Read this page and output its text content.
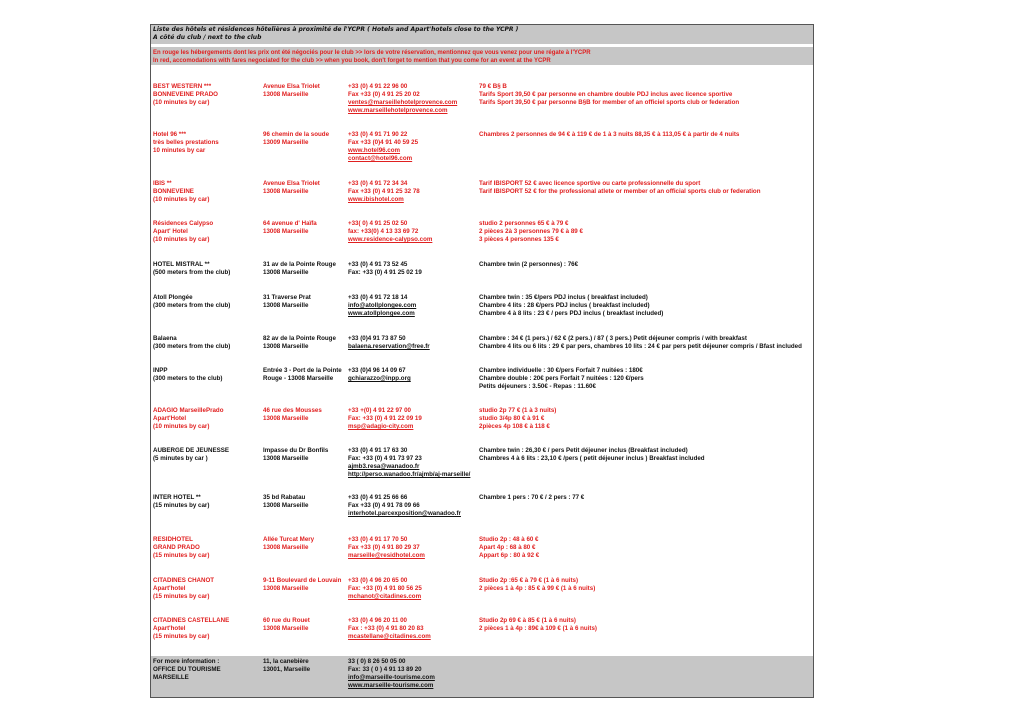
Liste des hôtels et résidences hôtelières à proximité de l'YCPR ( Hotels and Apart'hotels close to the YCPR )
A côté du club / next to the club
En rouge les hébergements dont les prix ont été négociés pour le club >> lors de votre réservation, mentionnez que vous venez pour une régate à l'YCPR
In red, accomodations with fares negociated for the club >> when you book, don't forget to mention that you come for an event at the YCPR
BEST WESTERN ***
BONNEVEINE PRADO
(10 minutes by car)
Avenue Elsa Triolet
13008 Marseille
+33 (0) 4 91 22 96 00
Fax +33 (0) 4 91 25 20 02
ventes@marseillehotelprovence.com
www.marseillehotelprovence.com
79 € B§ B
Tarifs Sport 39,50 € par personne en chambre double PDJ inclus avec licence sportive
Tarifs Sport 39,50 € par personne B§B for member of an officiel sports club or federation
Hotel 96 ***
très belles prestations
10 minutes by car
96 chemin de la soude
13009 Marseille
+33 (0) 4 91 71 90 22
Fax +33 (0)4 91 40 59 25
www.hotel96.com
contact@hotel96.com
Chambres 2 personnes de 94 € à 119 € de 1 à 3 nuits 88,35 € à 113,05 € à partir de 4 nuits
IBIS **
BONNEVEINE
(10 minutes by car)
Avenue Elsa Triolet
13008 Marseille
+33 (0) 4 91 72 34 34
Fax +33 (0) 4 91 25 32 78
www.ibishotel.com
Tarif IBISPORT 52 € avec licence sportive ou carte professionnelle du sport
Tarif IBISPORT 52 € for the professional atlete or member of an official sports club or federation
Résidences Calypso
Apart' Hotel
(10 minutes by car)
64 avenue d' Haïfa
13008 Marseille
+33( 0) 4 91 25 02 50
fax: +33(0) 4 13 33 69 72
www.residence-calypso.com
studio 2 personnes 65 € à 79 €
2 pièces 2à 3 personnes 79 € à 89 €
3 pièces 4 personnes 135 €
HOTEL MISTRAL **
(500 meters from the club)
31 av de la Pointe Rouge
13008 Marseille
+33 (0) 4 91 73 52 45
Fax: +33 (0) 4 91 25 02 19
Chambre twin (2 personnes) : 76€
Atoll Plongée
(300 meters from the club)
31 Traverse Prat
13008 Marseille
+33 (0) 4 91 72 18 14
info@atollplongee.com
www.atollplongee.com
Chambre twin : 35 €/pers PDJ inclus ( breakfast included)
Chambre 4 lits : 28 €/pers PDJ inclus ( breakfast included)
Chambre 4 à 8 lits : 23 € / pers PDJ inclus ( breakfast included)
Balaena
(300 meters from the club)
82 av de la Pointe Rouge
13008 Marseille
+33 (0)4 91 73 87 50
balaena.reservation@free.fr
Chambre : 34 € (1 pers.) / 62 € (2 pers.) / 87 ( 3 pers.) Petit déjeuner compris / with breakfast
Chambre 4 lits ou 6 lits : 29 € par pers, chambres 10 lits : 24 € par pers petit déjeuner compris / Bfast included
INPP
(300 meters to the club)
Entrée 3 - Port de la Pointe
Rouge - 13008 Marseille
+33 (0)4 96 14 09 67
gchiarazzo@inpp.org
Chambre individuelle : 30 €/pers Forfait 7 nuitées : 180€
Chambre double : 20€ pers Forfait 7 nuitées : 120 €/pers
Petits déjeuners : 3.50€ - Repas : 11.60€
ADAGIO MarseillePrado
Apart'Hotel
(10 minutes by car)
46 rue des Mousses
13008 Marseille
+33 +(0) 4 91 22 97 00
Fax: +33 (0) 4 91 22 09 19
msp@adagio-city.com
studio 2p 77 € (1 à 3 nuits)
studio 3/4p 80 € à 91 €
2pièces 4p 108 € à 118 €
AUBERGE DE JEUNESSE
(5 minutes by car )
Impasse du Dr Bonfils
13008 Marseille
+33 (0) 4 91 17 63 30
Fax: +33 (0) 4 91 73 97 23
ajmb3.resa@wanadoo.fr
http://perso.wanadoo.fr/ajmb/aj-marseille/
Chambre twin : 26,30 € / pers Petit déjeuner inclus (Breakfast included)
Chambres 4 à 6 lits : 23,10 € /pers ( petit déjeuner inclus ) Breakfast included
INTER HOTEL **
(15 minutes by car)
35 bd Rabatau
13008 Marseille
+33 (0) 4 91 25 66 66
Fax +33 (0) 4 91 78 09 66
interhotel.parcexposition@wanadoo.fr
Chambre 1 pers : 70 € / 2 pers : 77 €
RESIDHOTEL
GRAND PRADO
(15 minutes by car)
Allée Turcat Mery
13008 Marseille
+33 (0) 4 91 17 70 50
Fax +33 (0) 4 91 80 29 37
marseille@residhotel.com
Studio 2p : 48 à 60 €
Apart 4p : 68 à 80 €
Appart 6p : 80 à 92 €
CITADINES CHANOT
Apart'hotel
(15 minutes by car)
9-11 Boulevard de Louvain
13008 Marseille
+33 (0) 4 96 20 65 00
Fax: +33 (0) 4 91 80 56 25
mchanot@citadines.com
Studio 2p :65 € à 79 € (1 à 6 nuits)
2 pièces 1 à 4p : 85 € à 99 € (1 à 6 nuits)
CITADINES CASTELLANE
Apart'hotel
(15 minutes by car)
60 rue du Rouet
13008 Marseille
+33 (0) 4 96 20 11 00
Fax : +33 (0) 4 91 80 20 83
mcastellane@citadines.com
Studio 2p 69 € à 85 € (1 à 6 nuits)
2 pièces 1 à 4p : 89€ à 109 € (1 à 6 nuits)
For more information :
OFFICE DU TOURISME
MARSEILLE
11, la canebière
13001, Marseille
33 ( 0) 8 26 50 05 00
Fax: 33 ( 0 ) 4 91 13 89 20
info@marseille-tourisme.com
www.marseille-tourisme.com
